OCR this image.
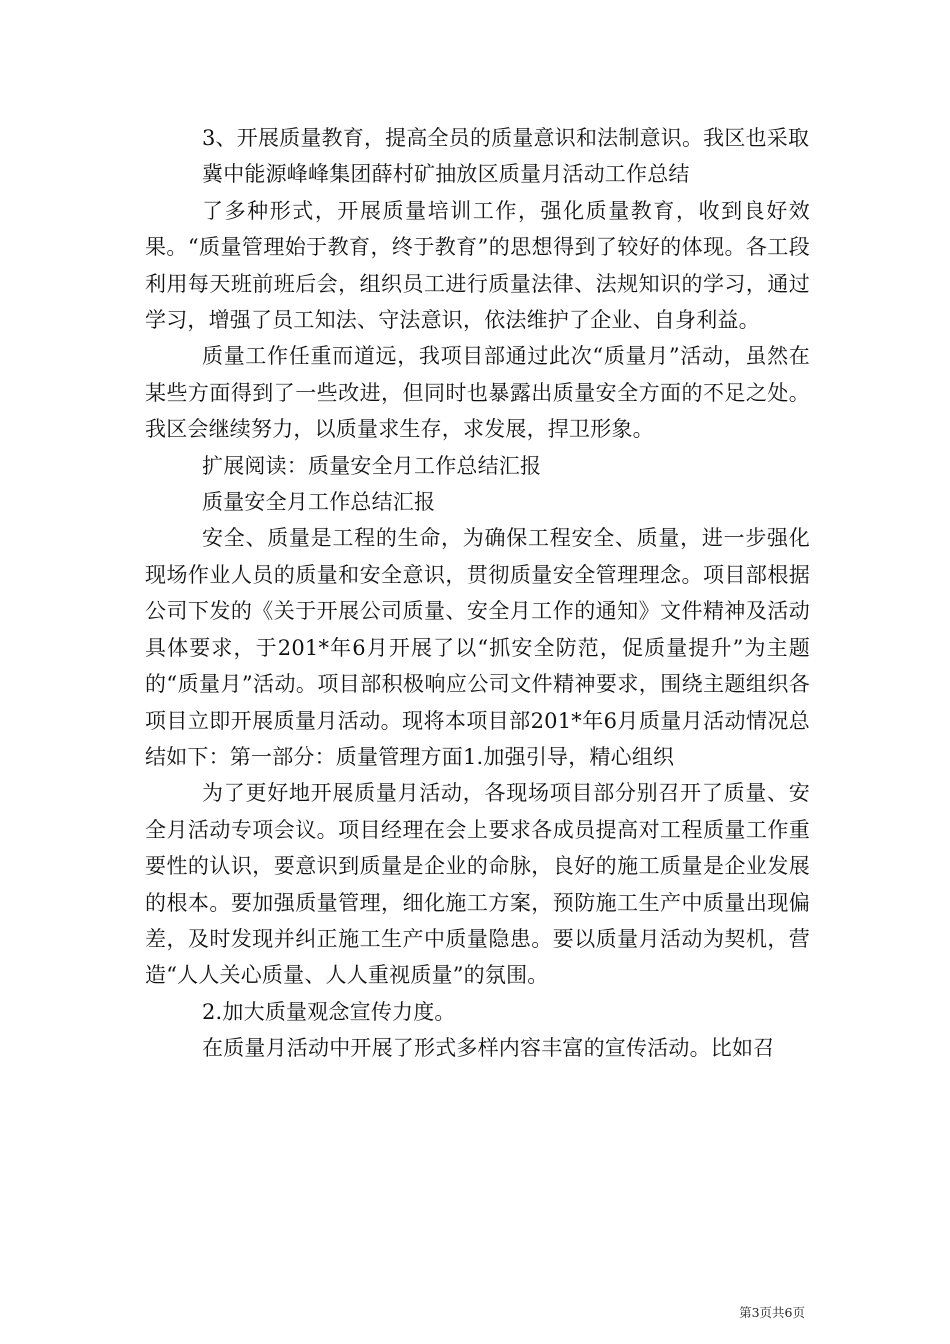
3、开展质量教育，提高全员的质量意识和法制意识。我区也采取

冀中能源峰峰集团薛村矿抽放区质量月活动工作总结

了多种形式，开展质量培训工作，强化质量教育，收到良好效果。“质量管理始于教育，终于教育”的思想得到了较好的体现。各工段利用每天班前班后会，组织员工进行质量法律、法规知识的学习，通过学习，增强了员工知法、守法意识，依法维护了企业、自身利益。

质量工作任重而道远，我项目部通过此次“质量月”活动，虽然在某些方面得到了一些改进，但同时也暴露出质量安全方面的不足之处。我区会继续努力，以质量求生存，求发展，捍卫形象。

扩展阅读：质量安全月工作总结汇报

质量安全月工作总结汇报

安全、质量是工程的生命，为确保工程安全、质量，进一步强化现场作业人员的质量和安全意识，贯彻质量安全管理理念。项目部根据公司下发的《关于开展公司质量、安全月工作的通知》文件精神及活动具体要求，于201*年6月开展了以“抓安全防范，促质量提升”为主题的“质量月”活动。项目部积极响应公司文件精神要求，围绕主题组织各项目立即开展质量月活动。现将本项目部201*年6月质量月活动情况总结如下：第一部分：质量管理方面1.加强引导，精心组织

为了更好地开展质量月活动，各现场项目部分别召开了质量、安全月活动专项会议。项目经理在会上要求各成员提高对工程质量工作重要性的认识，要意识到质量是企业的命脉，良好的施工质量是企业发展的根本。要加强质量管理，细化施工方案，预防施工生产中质量出现偏差，及时发现并纠正施工生产中质量隐患。要以质量月活动为契机，营造“人人关心质量、人人重视质量”的氛围。

2.加大质量观念宣传力度。

在质量月活动中开展了形式多样内容丰富的宣传活动。比如召

第3页共6页
